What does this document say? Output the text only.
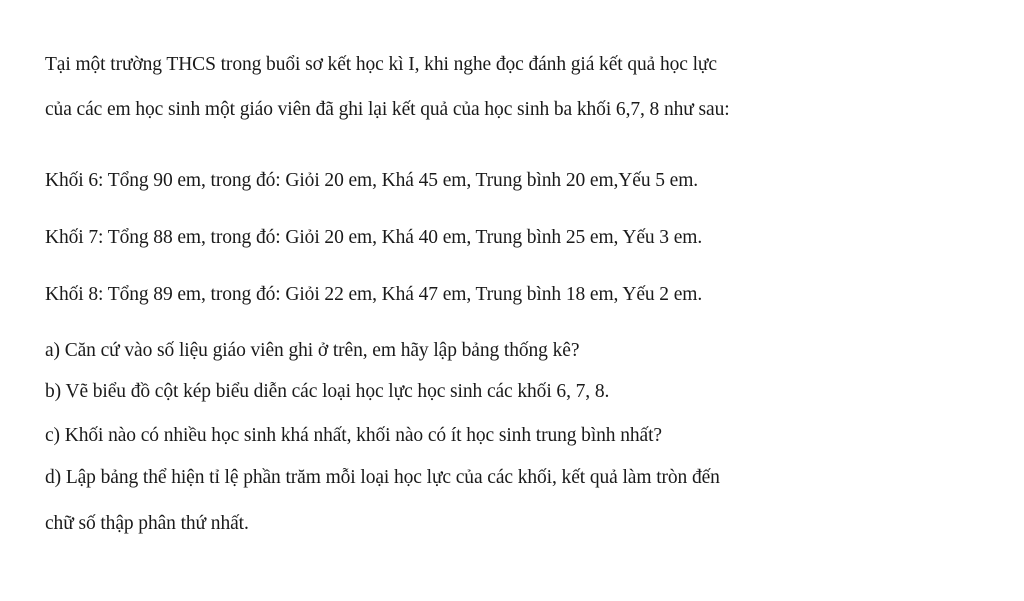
Tại một trường THCS trong buổi sơ kết học kì I, khi nghe đọc đánh giá kết quả học lực
của các em học sinh một giáo viên đã ghi lại kết quả của học sinh ba khối 6,7, 8 như sau:
Khối 6: Tổng 90 em, trong đó: Giỏi 20 em, Khá 45 em, Trung bình 20 em,Yếu 5 em.
Khối 7: Tổng 88 em, trong đó: Giỏi 20 em, Khá 40 em, Trung bình 25 em, Yếu 3 em.
Khối 8: Tổng 89 em, trong đó: Giỏi 22 em, Khá 47 em, Trung bình 18 em, Yếu 2 em.
a) Căn cứ vào số liệu giáo viên ghi ở trên, em hãy lập bảng thống kê?
b) Vẽ biểu đồ cột kép biểu diễn các loại học lực học sinh các khối 6, 7, 8.
c) Khối nào có nhiều học sinh khá nhất, khối nào có ít học sinh trung bình nhất?
d) Lập bảng thể hiện tỉ lệ phần trăm mỗi loại học lực của các khối, kết quả làm tròn đến
chữ số thập phân thứ nhất.
